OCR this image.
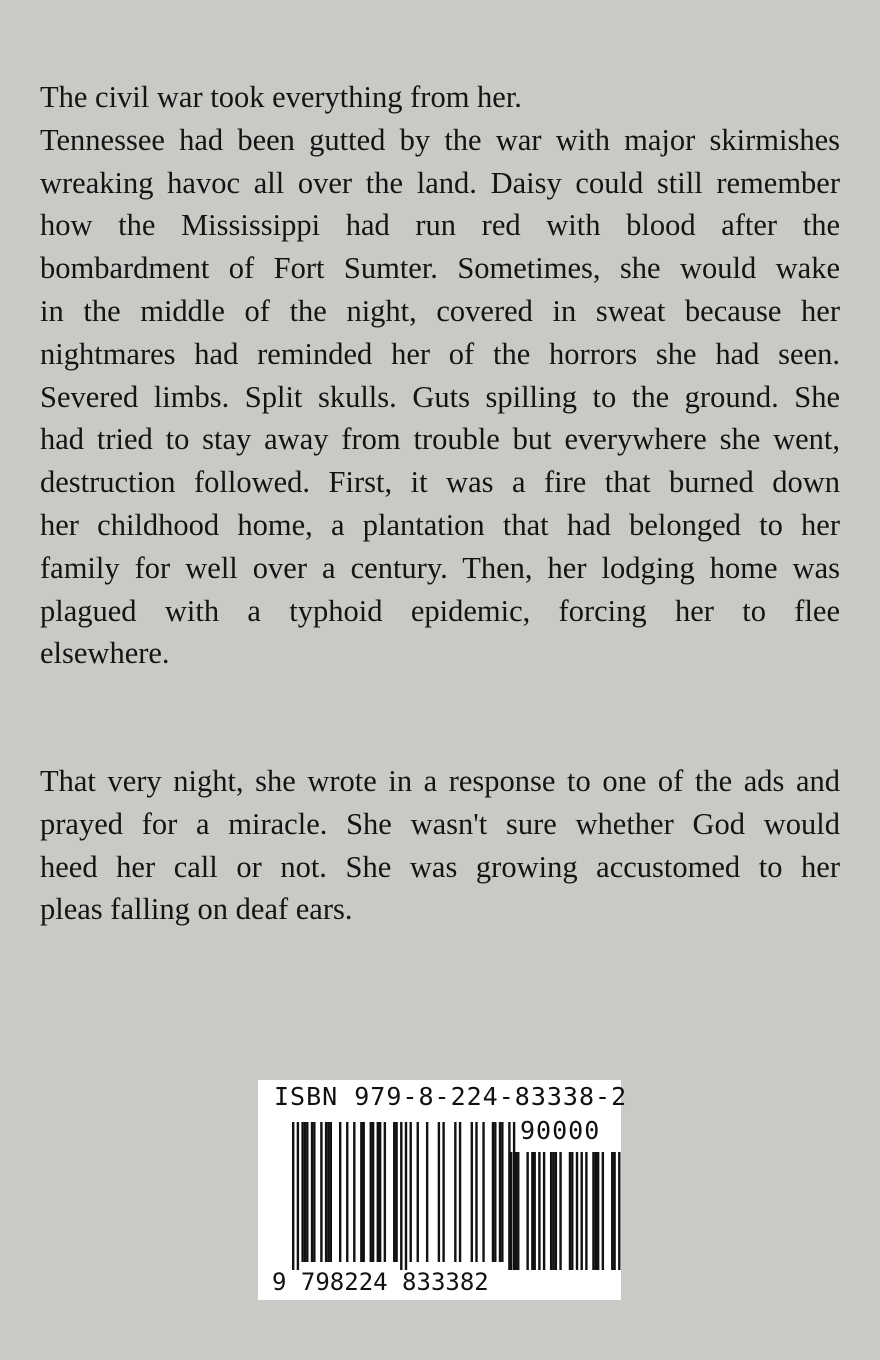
The civil war took everything from her.
Tennessee had been gutted by the war with major skirmishes
wreaking havoc all over the land. Daisy could still remember
how the Mississippi had run red with blood after the
bombardment of Fort Sumter. Sometimes, she would wake
in the middle of the night, covered in sweat because her
nightmares had reminded her of the horrors she had seen.
Severed limbs. Split skulls. Guts spilling to the ground. She
had tried to stay away from trouble but everywhere she went,
destruction followed. First, it was a fire that burned down
her childhood home, a plantation that had belonged to her
family for well over a century. Then, her lodging home was
plagued with a typhoid epidemic, forcing her to flee
elsewhere.
That very night, she wrote in a response to one of the ads and
prayed for a miracle. She wasn't sure whether God would
heed her call or not. She was growing accustomed to her
pleas falling on deaf ears.
ISBN 979-8-224-83338-2
90000
9 798224 833382
